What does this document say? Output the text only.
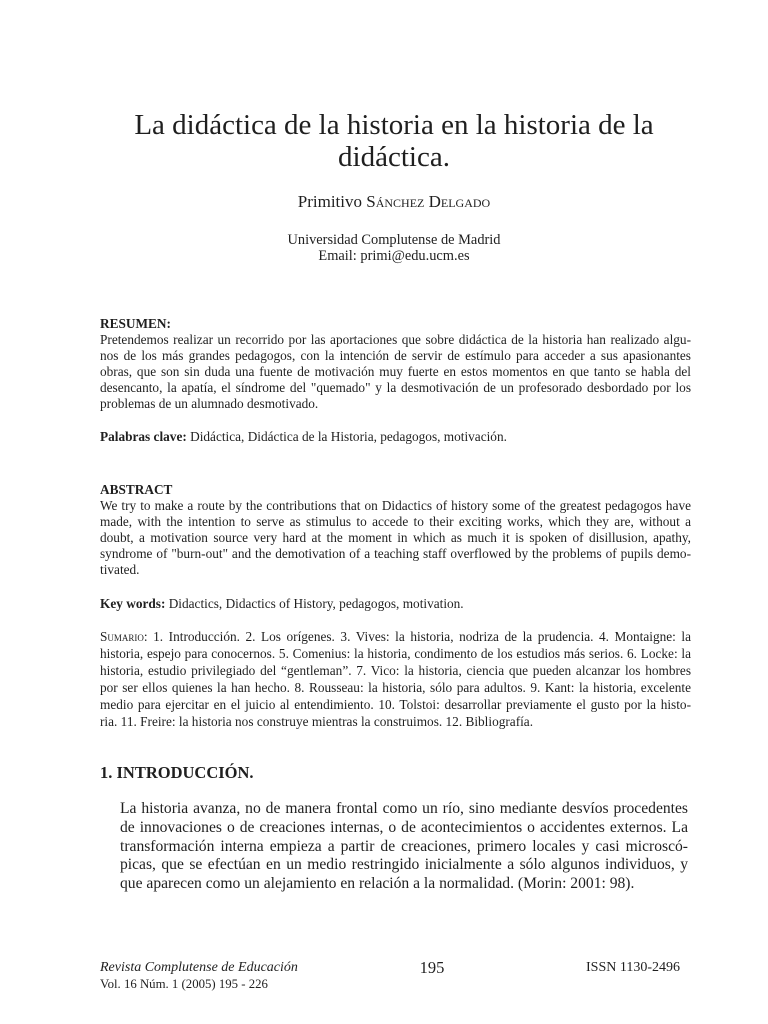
La didáctica de la historia en la historia de la
didáctica.
Primitivo Sánchez Delgado
Universidad Complutense de Madrid
Email: primi@edu.ucm.es
RESUMEN:
Pretendemos realizar un recorrido por las aportaciones que sobre didáctica de la historia han realizado algu-
nos de los más grandes pedagogos, con la intención de servir de estímulo para acceder a sus apasionantes
obras, que son sin duda una fuente de motivación muy fuerte en estos momentos en que tanto se habla del
desencanto, la apatía, el síndrome del "quemado" y la desmotivación de un profesorado desbordado por los
problemas de un alumnado desmotivado.
Palabras clave: Didáctica, Didáctica de la Historia, pedagogos, motivación.
ABSTRACT
We try to make a route by the contributions that on Didactics of history some of the greatest pedagogos have
made, with the intention to serve as stimulus to accede to their exciting works, which they are, without a
doubt, a motivation source very hard at the moment in which as much it is spoken of disillusion, apathy,
syndrome of "burn-out" and the demotivation of a teaching staff overflowed by the problems of pupils demo-
tivated.
Key words: Didactics, Didactics of History, pedagogos, motivation.
Sumario: 1. Introducción. 2. Los orígenes. 3. Vives: la historia, nodriza de la prudencia. 4. Montaigne: la
historia, espejo para conocernos. 5. Comenius: la historia, condimento de los estudios más serios. 6. Locke: la
historia, estudio privilegiado del “gentleman”. 7. Vico: la historia, ciencia que pueden alcanzar los hombres
por ser ellos quienes la han hecho. 8. Rousseau: la historia, sólo para adultos. 9. Kant: la historia, excelente
medio para ejercitar en el juicio al entendimiento. 10. Tolstoi: desarrollar previamente el gusto por la histo-
ria. 11. Freire: la historia nos construye mientras la construimos. 12. Bibliografía.
1. INTRODUCCIÓN.
La historia avanza, no de manera frontal como un río, sino mediante desvíos procedentes
de innovaciones o de creaciones internas, o de acontecimientos o accidentes externos. La
transformación interna empieza a partir de creaciones, primero locales y casi microscó-
picas, que se efectúan en un medio restringido inicialmente a sólo algunos individuos, y
que aparecen como un alejamiento en relación a la normalidad. (Morin: 2001: 98).
Revista Complutense de Educación	195	ISSN 1130-2496
Vol. 16 Núm. 1 (2005) 195 - 226
